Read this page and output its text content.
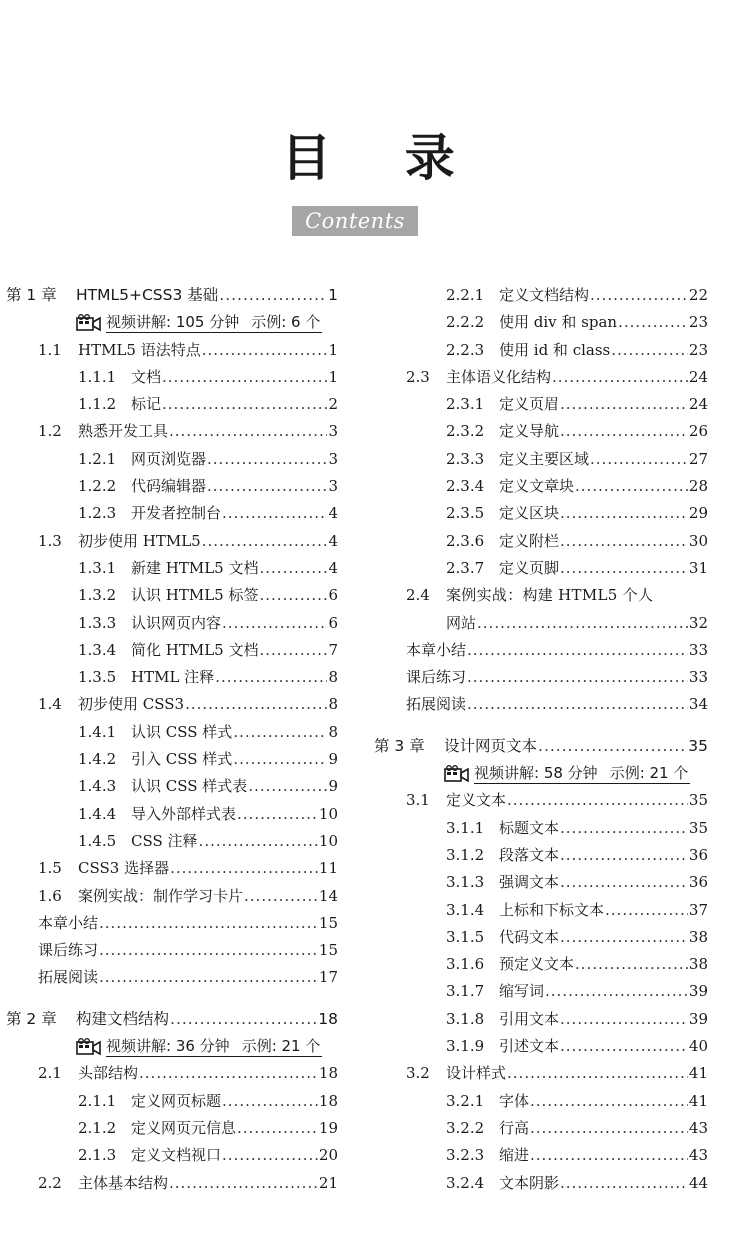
目 录
Contents
第 1 章	HTML5+CSS3 基础 .....	1
视频讲解: 105 分钟 示例: 6 个
1.1	HTML5 语法特点 .....	1
1.1.1 文档 .....	1
1.1.2 标记 .....	2
1.2	熟悉开发工具 .....	3
1.2.1 网页浏览器 .....	3
1.2.2 代码编辑器 .....	3
1.2.3 开发者控制台 .....	4
1.3	初步使用 HTML5 .....	4
1.3.1 新建 HTML5 文档 .....	4
1.3.2 认识 HTML5 标签 .....	6
1.3.3 认识网页内容 .....	6
1.3.4 简化 HTML5 文档 .....	7
1.3.5 HTML 注释 .....	8
1.4	初步使用 CSS3 .....	8
1.4.1 认识 CSS 样式 .....	8
1.4.2 引入 CSS 样式 .....	9
1.4.3 认识 CSS 样式表 .....	9
1.4.4 导入外部样式表 .....	10
1.4.5 CSS 注释 .....	10
1.5	CSS3 选择器 .....	11
1.6	案例实战：制作学习卡片 .....	14
本章小结 .....	15
课后练习 .....	15
拓展阅读 .....	17
第 2 章	构建文档结构 .....	18
视频讲解: 36 分钟 示例: 21 个
2.1	头部结构 .....	18
2.1.1 定义网页标题 .....	18
2.1.2 定义网页元信息 .....	19
2.1.3 定义文档视口 .....	20
2.2	主体基本结构 .....	21
2.2.1 定义文档结构 .....	22
2.2.2 使用 div 和 span .....	23
2.2.3 使用 id 和 class .....	23
2.3	主体语义化结构 .....	24
2.3.1 定义页眉 .....	24
2.3.2 定义导航 .....	26
2.3.3 定义主要区域 .....	27
2.3.4 定义文章块 .....	28
2.3.5 定义区块 .....	29
2.3.6 定义附栏 .....	30
2.3.7 定义页脚 .....	31
2.4	案例实战：构建 HTML5 个人
网站 .....	32
本章小结 .....	33
课后练习 .....	33
拓展阅读 .....	34
第 3 章	设计网页文本 .....	35
视频讲解: 58 分钟 示例: 21 个
3.1	定义文本 .....	35
3.1.1 标题文本 .....	35
3.1.2 段落文本 .....	36
3.1.3 强调文本 .....	36
3.1.4 上标和下标文本 .....	37
3.1.5 代码文本 .....	38
3.1.6 预定义文本 .....	38
3.1.7 缩写词 .....	39
3.1.8 引用文本 .....	39
3.1.9 引述文本 .....	40
3.2	设计样式 .....	41
3.2.1 字体 .....	41
3.2.2 行高 .....	43
3.2.3 缩进 .....	43
3.2.4 文本阴影 .....	44
